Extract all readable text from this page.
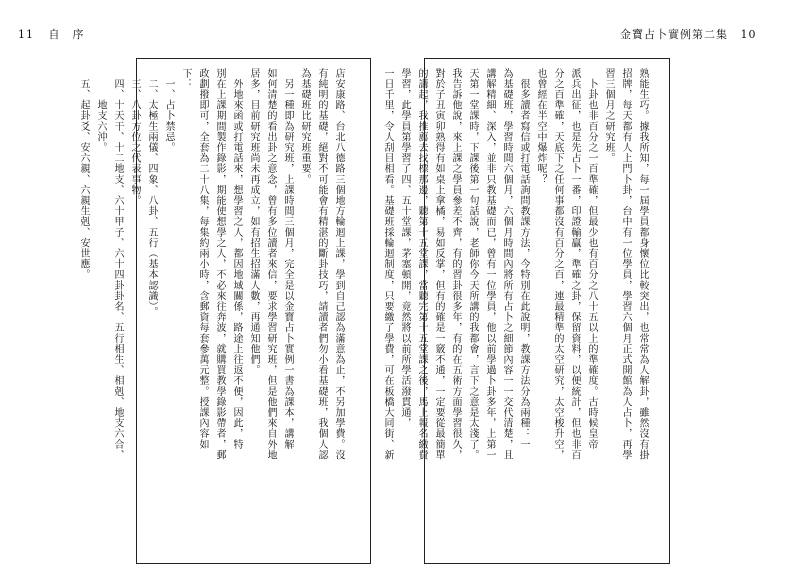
11 自　序	金寶占卜實例第二集 10
店安康路、台北八德路三個地方輪迴上課，學到自己認為滿意為止，不另加學費。沒
有純明的基礎，絕對不可能會有精湛的斷卦技巧，請讀者們勿小看基礎班，我個人認
為基礎班比研究班重要。
　另一種即為研究班，上課時間三個月，完全是以金寶占卜實例一書為課本，講解
如何清楚的看出卦之意念，曾有多位讀者來信，要求學習研究班，但是他們來自外地
居多，目前研究班尚未再成立，如有招生招滿人數，再通知他們。
　外地來函或打電話來，想學習之人，都因地域關係，路途上往返不便，因此，特
別在上課期間製作錄影，期能使想學之人，不必來往奔波，就購買教學錄影帶者，郵
政劃撥即可，全套為二十八集，每集約兩小時，含郵資每套參萬元整。授課內容如
下：
　一、占卜禁忌。
　二、太極生兩儀、四象、八卦、五行（基本認識）。
　三、八卦方位之代表事物。
　四、十天干、十二地支、六十甲子、六十四卦卦名、五行相生、相剋、地支六合、
　　　地支六沖。
　五、起卦爻、安六親、六親生剋、安世應。	熟能生巧。據我所知，每一屆學員都身懷位比較突出，也常常為人解卦，雖然沒有掛
招牌，每天都有人上門卜卦，台中有一位學員，學習六個月正式開館為人占卜，再學
習三個月之研究班。
　卜卦也非百分之一百準確，但最少也有百分之八十五以上的準確度。古時候皇帝
派兵出征，也是先占卜一番，印證輸贏，準確之卦，保留資料，以便統計，但也非百
分之百準確，天底下之任何事都沒有百分之百，連最精準的太空研究，太空梭升空，
也曾經在半空中爆炸呢？
　很多讀者寫信或打電話詢問教課方法，今特別在此說明，教課方法分為兩種：一
為基礎班，學習時間六個月，六個月時間內將所有占卜之細節內容一一交代清楚，且
講解精細、深入，並非只教基礎而已，曾有一位學員，他以前學過卜卦多年，上第一
天第一堂課時，下課後第一句話說，老師你今天所講的我都會，言下之意是太淺了。
我告訴他說，來上課之學員參差不齊，有的習卦很多年，有的在五術方面學習很久，
對於子丑寅卯熟得有如桌上拿橘，易如反掌，但有的確是一竅不通，一定要從最簡單
的講起，我推薦去找標那邊，聽第十五堂課，當聽完第十五堂課之後，馬上報名繳費
學習，此學員第學習了四、五十堂課，茅塞頓開，竟然將以前所學活潑貫通，
一日千里，令人刮目相看。基礎班採輪迴制度，只要繳了學費，可在板橋大同街、新
